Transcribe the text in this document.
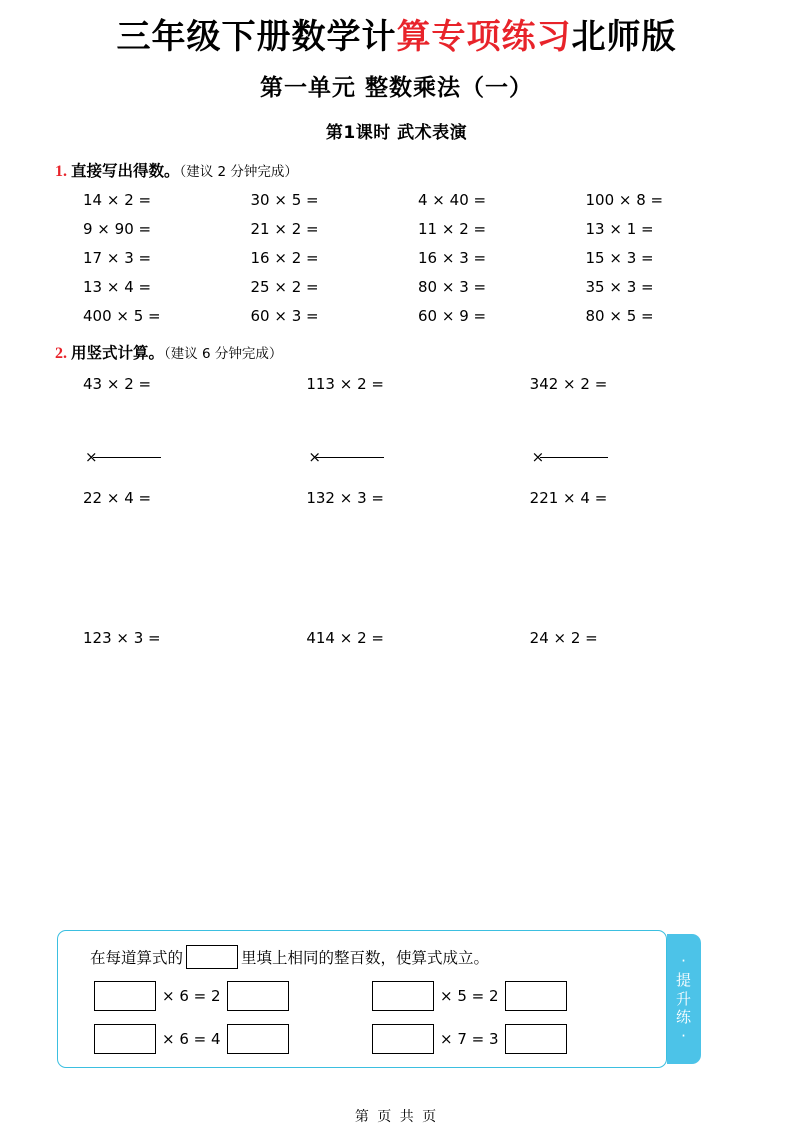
三年级下册数学计算专项练习北师版
第一单元 整数乘法（一）
第1课时 武术表演
1. 直接写出得数。（建议 2 分钟完成）
14 × 2 =	30 × 5 =	4 × 40 =	100 × 8 =
9 × 90 =	21 × 2 =	11 × 2 =	13 × 1 =
17 × 3 =	16 × 2 =	16 × 3 =	15 × 3 =
13 × 4 =	25 × 2 =	80 × 3 =	35 × 3 =
400 × 5 =	60 × 3 =	60 × 9 =	80 × 5 =
2. 用竖式计算。（建议 6 分钟完成）
43 × 2 =	113 × 2 =	342 × 2 =
×	×	×
22 × 4 =	132 × 3 =	221 × 4 =
123 × 3 =	414 × 2 =	24 × 2 =
在每道算式的	里填上相同的整百数，使算式成立。
× 6 = 2	× 5 = 2
× 6 = 4	× 7 = 3
·
提
升
练
·
第 页 共 页
